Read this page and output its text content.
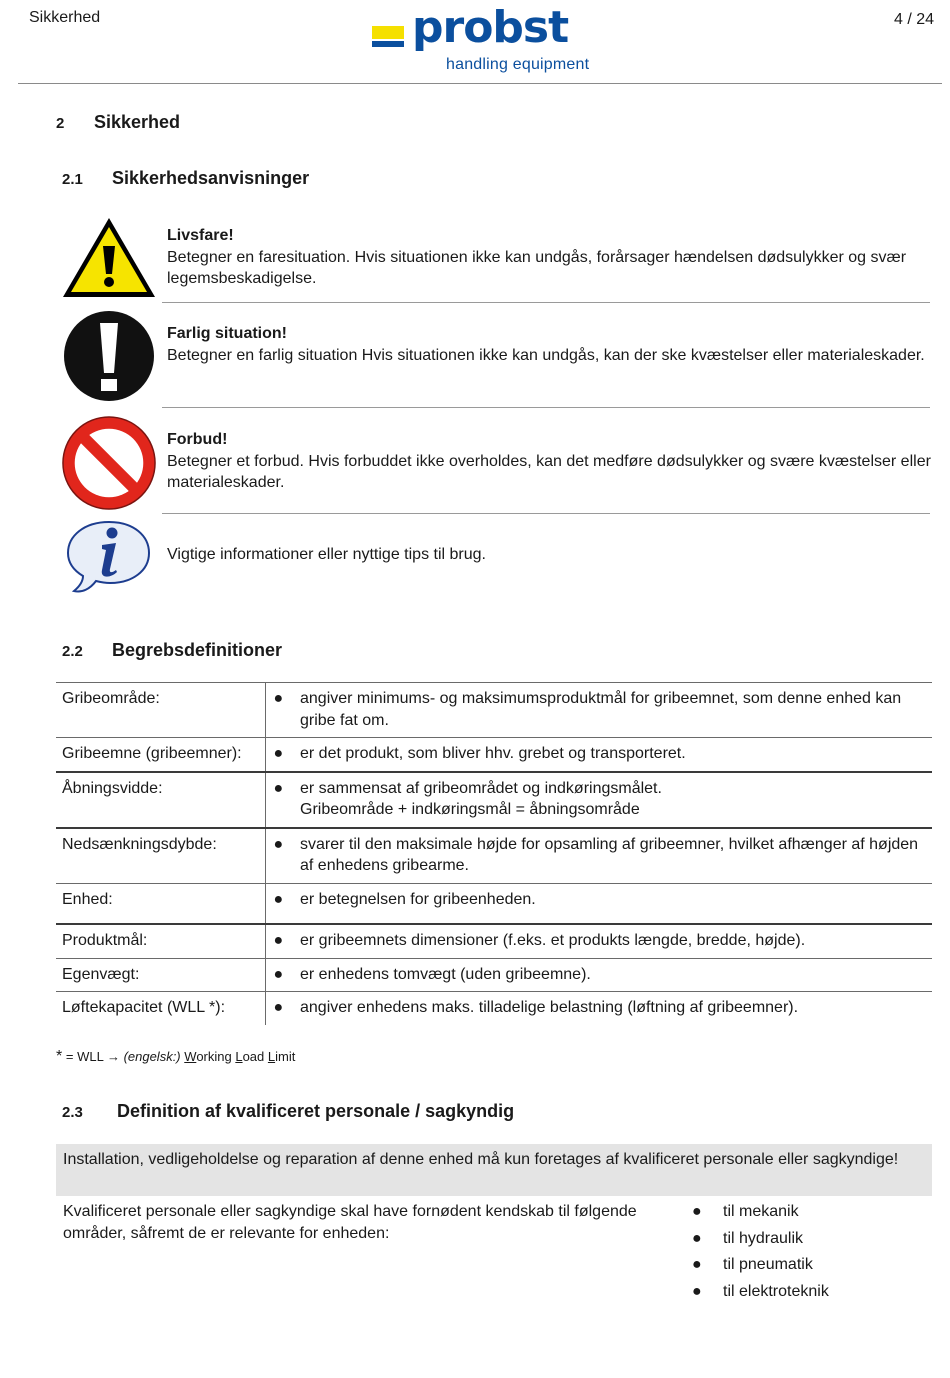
Sikkerhed	probst
handling equipment
4 / 24
2 Sikkerhed
2.1 Sikkerhedsanvisninger
Livsfare!
Betegner en faresituation. Hvis situationen ikke kan undgås, forårsager hændelsen dødsulykker og svær legemsbeskadigelse.
Farlig situation!
Betegner en farlig situation Hvis situationen ikke kan undgås, kan der ske kvæstelser eller materialeskader.
Forbud!
Betegner et forbud. Hvis forbuddet ikke overholdes, kan det medføre dødsulykker og svære kvæstelser eller materialeskader.
Vigtige informationer eller nyttige tips til brug.
2.2 Begrebsdefinitioner
Gribeområde:	●	angiver minimums- og maksimumsproduktmål for gribeemnet, som denne enhed kan gribe fat om.
Gribeemne (gribeemner):	●	er det produkt, som bliver hhv. grebet og transporteret.
Åbningsvidde:	●	er sammensat af gribeområdet og indkøringsmålet.
Gribeområde + indkøringsmål = åbningsområde

Nedsænkningsdybde:	●	svarer til den maksimale højde for opsamling af gribeemner, hvilket afhænger af højden af enhedens gribearme.
Enhed:	●	er betegnelsen for gribeenheden.
Produktmål:	●	er gribeemnets dimensioner (f.eks. et produkts længde, bredde, højde).
Egenvægt:	●	er enhedens tomvægt (uden gribeemne).
Løftekapacitet (WLL *):	●	angiver enhedens maks. tilladelige belastning (løftning af gribeemner).
* = WLL → (engelsk:) Working Load Limit
2.3 Definition af kvalificeret personale / sagkyndig
Installation, vedligeholdelse og reparation af denne enhed må kun foretages af kvalificeret personale eller sagkyndige!
Kvalificeret personale eller sagkyndige skal have fornødent kendskab til følgende områder, såfremt de er relevante for enheden:
● til mekanik
● til hydraulik
● til pneumatik
● til elektroteknik
